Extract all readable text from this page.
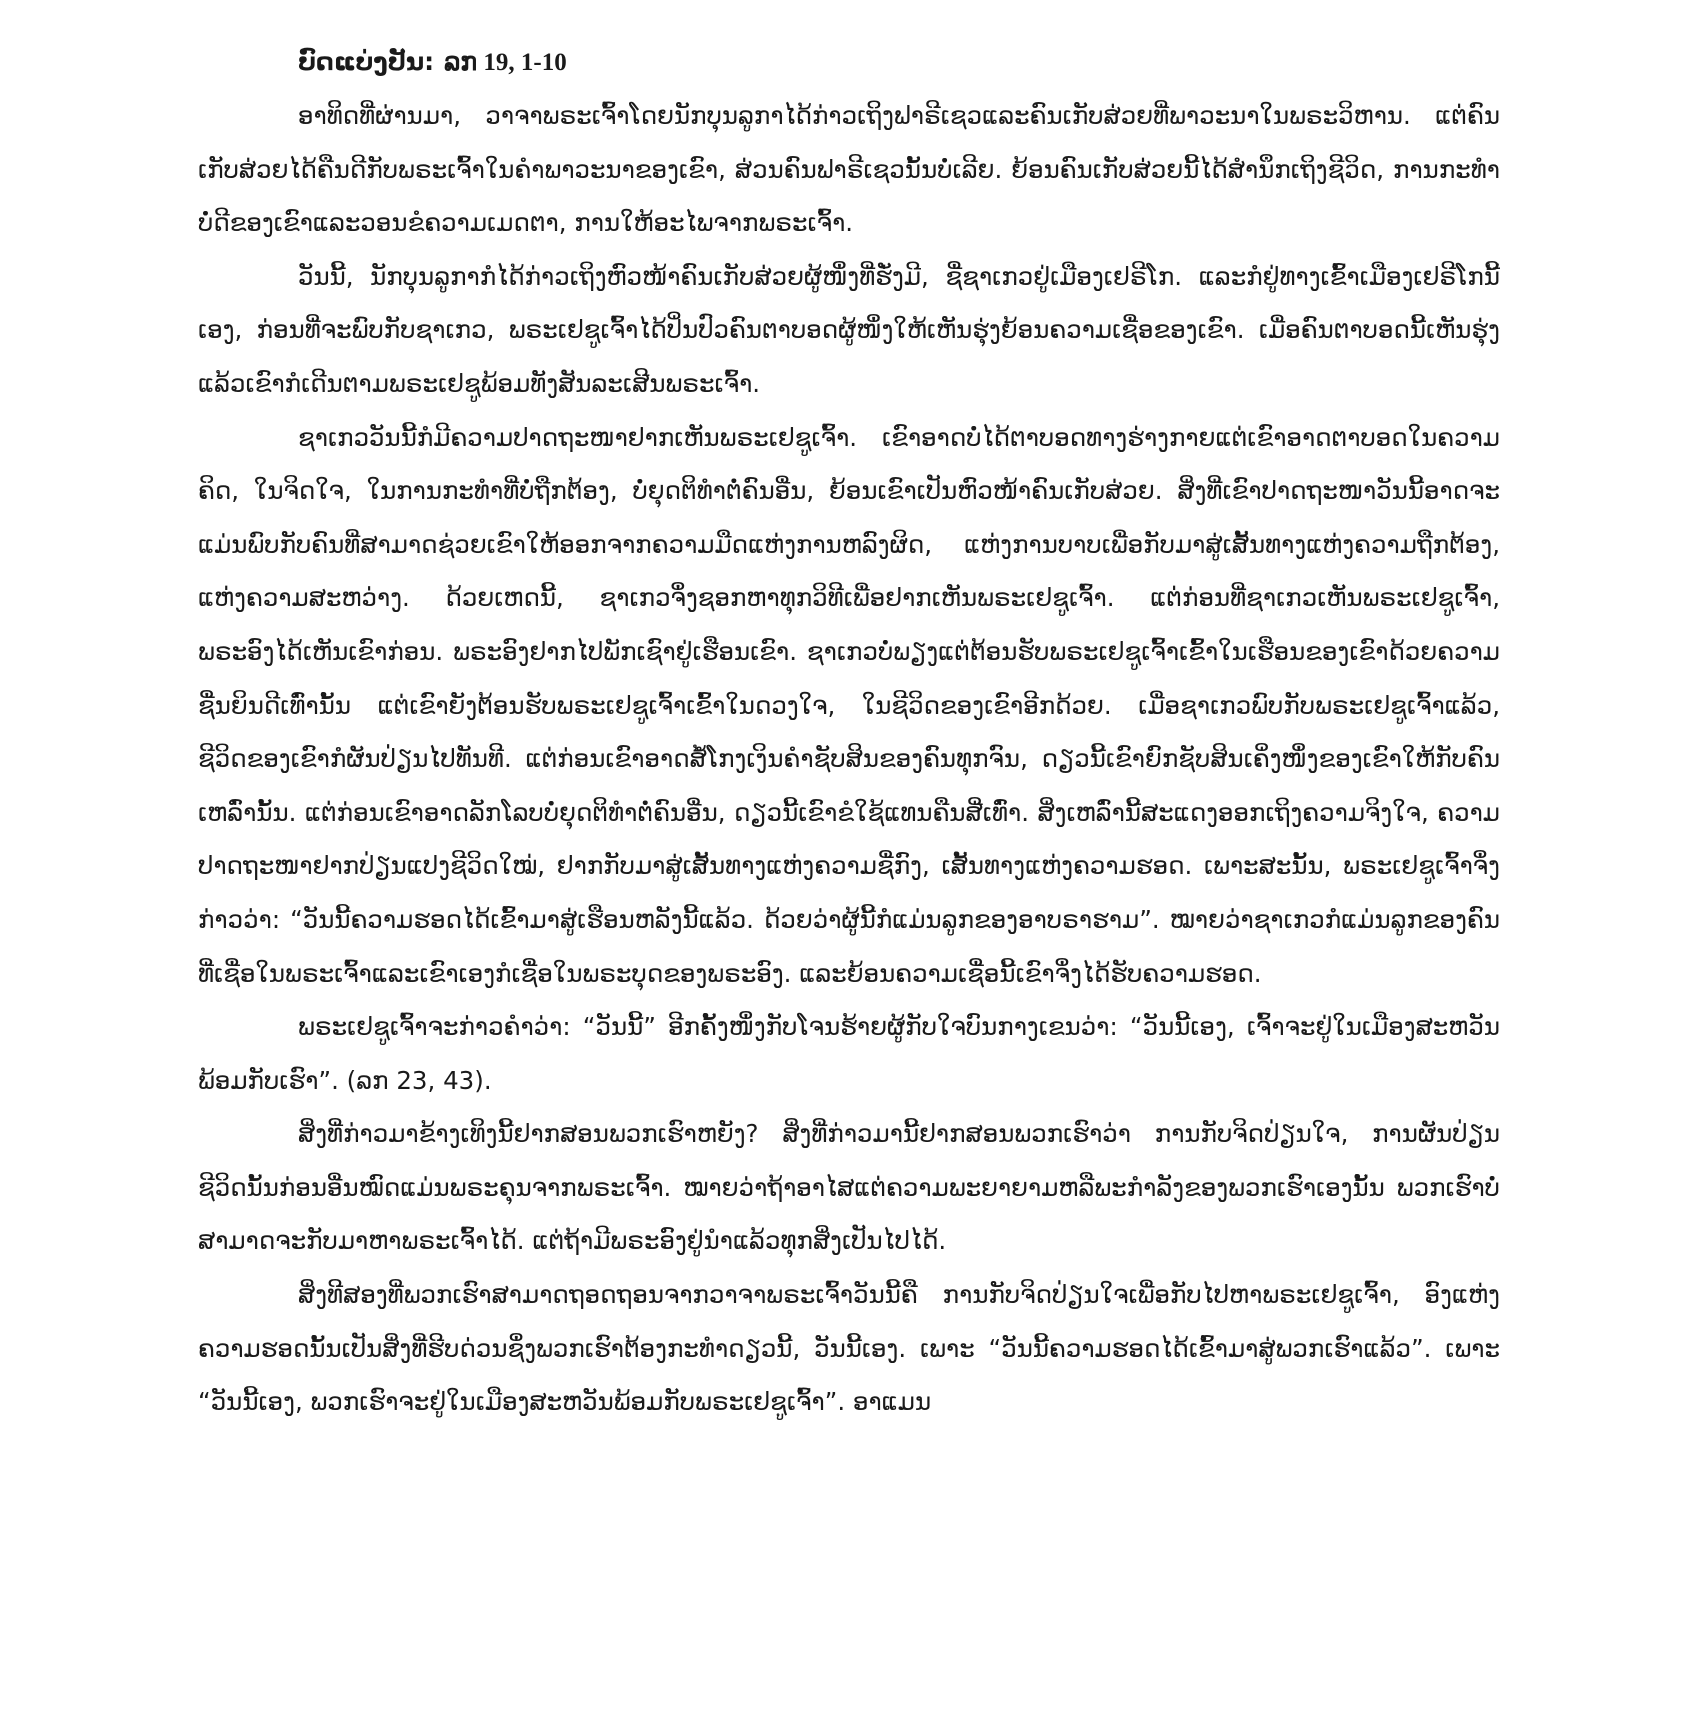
ບົດແບ່ງປັນ: ລກ 19, 1-10

ອາທິດທີ່ຜ່ານມາ, ວາຈາພຣະເຈົ້າໂດຍນັກບຸນລູກາໄດ້ກ່າວເຖິງຟາຣີເຊວແລະຄົນເກັບສ່ວຍທີ່ພາວະນາໃນພຣະວິຫານ. ແຕ່ຄົນເກັບສ່ວຍໄດ້ຄືນດີກັບພຣະເຈົ້າໃນຄຳພາວະນາຂອງເຂົາ, ສ່ວນຄົນຟາຣີເຊວນັ້ນບໍ່ເລີຍ. ຍ້ອນຄົນເກັບສ່ວຍນີ້ໄດ້ສຳນຶກເຖິງຊີວິດ, ການກະທຳບໍ່ດີຂອງເຂົາແລະວອນຂໍຄວາມເມດຕາ, ການໃຫ້ອະໄພຈາກພຣະເຈົ້າ.

ວັນນີ້, ນັກບຸນລູກາກໍໄດ້ກ່າວເຖິງຫົວໜ້າຄົນເກັບສ່ວຍຜູ້ໜຶ່ງທີ່ຮັ່ງມີ, ຊື່ຊາເກວຢູ່ເມືອງເຢຣີໂກ. ແລະກໍຢູ່ທາງເຂົ້າເມືອງເຢຣີໂກນີ້ເອງ, ກ່ອນທີ່ຈະພົບກັບຊາເກວ, ພຣະເຢຊູເຈົ້າໄດ້ປິ່ນປົວຄົນຕາບອດຜູ້ໜຶ່ງໃຫ້ເຫັນຮຸ່ງຍ້ອນຄວາມເຊື່ອຂອງເຂົາ. ເມື່ອຄົນຕາບອດນີ້ເຫັນຮຸ່ງແລ້ວເຂົາກໍເດີນຕາມພຣະເຢຊູພ້ອມທັງສັນລະເສີນພຣະເຈົ້າ.

ຊາເກວວັນນີ້ກໍມີຄວາມປາດຖະໜາຢາກເຫັນພຣະເຢຊູເຈົ້າ. ເຂົາອາດບໍ່ໄດ້ຕາບອດທາງຮ່າງກາຍແຕ່ເຂົາອາດຕາບອດໃນຄວາມຄິດ, ໃນຈິດໃຈ, ໃນການກະທຳທີ່ບໍ່ຖືກຕ້ອງ, ບໍ່ຍຸດຕິທຳຕໍ່ຄົນອື່ນ, ຍ້ອນເຂົາເປັນຫົວໜ້າຄົນເກັບສ່ວຍ. ສິ່ງທີ່ເຂົາປາດຖະໜາວັນນີ້ອາດຈະແມ່ນພົບກັບຄົນທີ່ສາມາດຊ່ວຍເຂົາໃຫ້ອອກຈາກຄວາມມືດແຫ່ງການຫລົງຜິດ, ແຫ່ງການບາບເພື່ອກັບມາສູ່ເສັ້ນທາງແຫ່ງຄວາມຖືກຕ້ອງ, ແຫ່ງຄວາມສະຫວ່າງ. ດ້ວຍເຫດນີ້, ຊາເກວຈຶ່ງຊອກຫາທຸກວິທີເພື່ອຢາກເຫັນພຣະເຢຊູເຈົ້າ. ແຕ່ກ່ອນທີ່ຊາເກວເຫັນພຣະເຢຊູເຈົ້າ, ພຣະອົງໄດ້ເຫັນເຂົາກ່ອນ. ພຣະອົງຢາກໄປພັກເຊົາຢູ່ເຮືອນເຂົາ. ຊາເກວບໍ່ພຽງແຕ່ຕ້ອນຮັບພຣະເຢຊູເຈົ້າເຂົ້າໃນເຮືອນຂອງເຂົາດ້ວຍຄວາມຊື່ນຍິນດີເທົ່ານັ້ນ ແຕ່ເຂົາຍັງຕ້ອນຮັບພຣະເຢຊູເຈົ້າເຂົ້າໃນດວງໃຈ, ໃນຊີວິດຂອງເຂົາອີກດ້ວຍ. ເມື່ອຊາເກວພົບກັບພຣະເຢຊູເຈົ້າແລ້ວ, ຊີວິດຂອງເຂົາກໍຜັນປ່ຽນໄປທັນທີ. ແຕ່ກ່ອນເຂົາອາດສໍ້ໂກງເງິນຄຳຊັບສິນຂອງຄົນທຸກຈົນ, ດຽວນີ້ເຂົາຍົກຊັບສິນເຄິ່ງໜຶ່ງຂອງເຂົາໃຫ້ກັບຄົນເຫລົ່ານັ້ນ. ແຕ່ກ່ອນເຂົາອາດລັກໂລບບໍ່ຍຸດຕິທຳຕໍ່ຄົນອື່ນ, ດຽວນີ້ເຂົາຂໍໃຊ້ແທນຄືນສີ່ເທົ່າ. ສິ່ງເຫລົ່ານີ້ສະແດງອອກເຖິງຄວາມຈິງໃຈ, ຄວາມປາດຖະໜາຢາກປ່ຽນແປງຊີວິດໃໝ່, ຢາກກັບມາສູ່ເສັ້ນທາງແຫ່ງຄວາມຊື່ກົງ, ເສັ້ນທາງແຫ່ງຄວາມຮອດ. ເພາະສະນັ້ນ, ພຣະເຢຊູເຈົ້າຈຶ່ງກ່າວວ່າ: “ວັນນີ້ຄວາມຮອດໄດ້ເຂົ້າມາສູ່ເຮືອນຫລັງນີ້ແລ້ວ. ດ້ວຍວ່າຜູ້ນີ້ກໍແມ່ນລູກຂອງອາບຣາຮາມ”. ໝາຍວ່າຊາເກວກໍແມ່ນລູກຂອງຄົນທີ່ເຊື່ອໃນພຣະເຈົ້າແລະເຂົາເອງກໍເຊື່ອໃນພຣະບຸດຂອງພຣະອົງ. ແລະຍ້ອນຄວາມເຊື່ອນີ້ເຂົາຈຶ່ງໄດ້ຮັບຄວາມຮອດ.

ພຣະເຢຊູເຈົ້າຈະກ່າວຄຳວ່າ: “ວັນນີ້” ອີກຄັ້ງໜຶ່ງກັບໂຈນຮ້າຍຜູ້ກັບໃຈບົນກາງເຂນວ່າ: “ວັນນີ້ເອງ, ເຈົ້າຈະຢູ່ໃນເມືອງສະຫວັນພ້ອມກັບເຮົາ”. (ລກ 23, 43).

ສິ່ງທີ່ກ່າວມາຂ້າງເທິງນີ້ຢາກສອນພວກເຮົາຫຍັງ? ສິ່ງທີ່ກ່າວມານີ້ຢາກສອນພວກເຮົາວ່າ ການກັບຈິດປ່ຽນໃຈ, ການຜັນປ່ຽນຊີວິດນັ້ນກ່ອນອື່ນໝົດແມ່ນພຣະຄຸນຈາກພຣະເຈົ້າ. ໝາຍວ່າຖ້າອາໄສແຕ່ຄວາມພະຍາຍາມຫລືພະກຳລັງຂອງພວກເຮົາເອງນັ້ນ ພວກເຮົາບໍ່ສາມາດຈະກັບມາຫາພຣະເຈົ້າໄດ້. ແຕ່ຖ້າມີພຣະອົງຢູ່ນຳແລ້ວທຸກສິ່ງເປັນໄປໄດ້.

ສິ່ງທີສອງທີ່ພວກເຮົາສາມາດຖອດຖອນຈາກວາຈາພຣະເຈົ້າວັນນີ້ຄື ການກັບຈິດປ່ຽນໃຈເພື່ອກັບໄປຫາພຣະເຢຊູເຈົ້າ, ອົງແຫ່ງຄວາມຮອດນັ້ນເປັນສິ່ງທີ່ຮີບດ່ວນຊຶ່ງພວກເຮົາຕ້ອງກະທຳດຽວນີ້, ວັນນີ້ເອງ. ເພາະ “ວັນນີ້ຄວາມຮອດໄດ້ເຂົ້າມາສູ່ພວກເຮົາແລ້ວ”. ເພາະ “ວັນນີ້ເອງ, ພວກເຮົາຈະຢູ່ໃນເມືອງສະຫວັນພ້ອມກັບພຣະເຢຊູເຈົ້າ”. ອາແມນ
